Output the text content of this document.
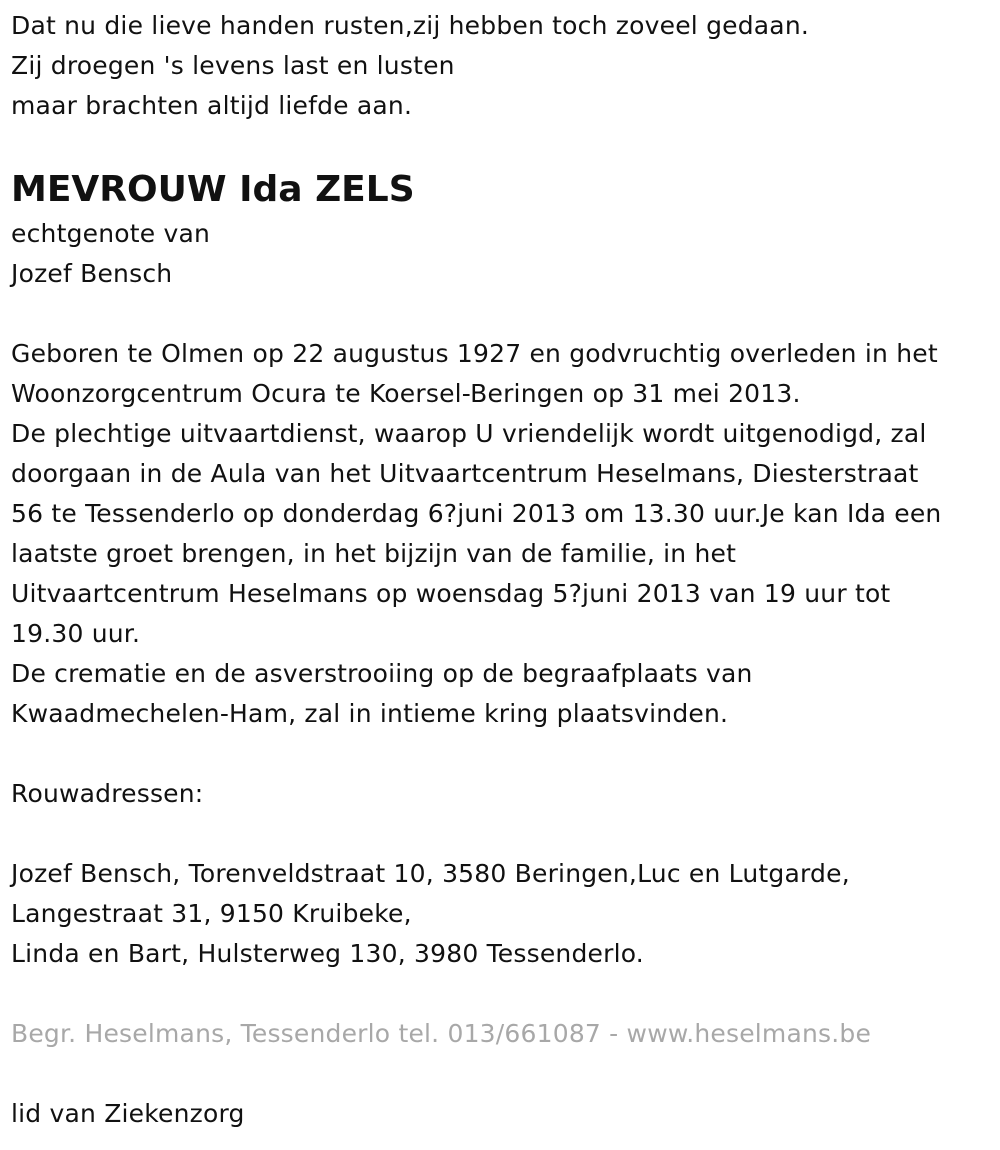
Dat nu die lieve handen rusten,zij hebben toch zoveel gedaan.
Zij droegen 's levens last en lusten
maar brachten altijd liefde aan.
MEVROUW Ida ZELS
echtgenote van
Jozef Bensch
Geboren te Olmen op 22 augustus 1927 en godvruchtig overleden in het
Woonzorgcentrum Ocura te Koersel-Beringen op 31 mei 2013.
De plechtige uitvaartdienst, waarop U vriendelijk wordt uitgenodigd, zal
doorgaan in de Aula van het Uitvaartcentrum Heselmans, Diesterstraat
56 te Tessenderlo op donderdag 6?juni 2013 om 13.30 uur.Je kan Ida een
laatste groet brengen, in het bijzijn van de familie, in het
Uitvaartcentrum Heselmans op woensdag 5?juni 2013 van 19 uur tot
19.30 uur.
De crematie en de asverstrooiing op de begraafplaats van
Kwaadmechelen-Ham, zal in intieme kring plaatsvinden.
Rouwadressen:
Jozef Bensch, Torenveldstraat 10, 3580 Beringen,Luc en Lutgarde,
Langestraat 31, 9150 Kruibeke,
Linda en Bart, Hulsterweg 130, 3980 Tessenderlo.
Begr. Heselmans, Tessenderlo tel. 013/661087 - www.heselmans.be
lid van Ziekenzorg
